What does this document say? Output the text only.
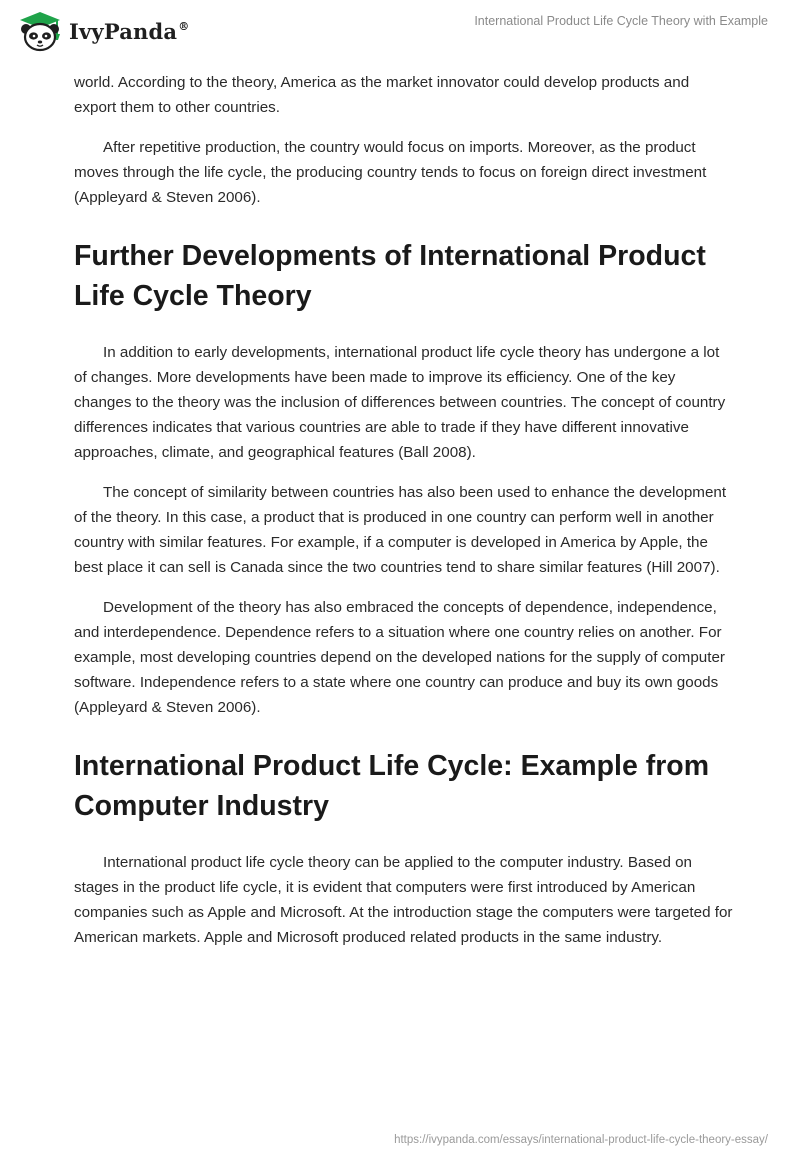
IvyPanda®	International Product Life Cycle Theory with Example

world. According to the theory, America as the market innovator could develop products and export them to other countries.

After repetitive production, the country would focus on imports. Moreover, as the product moves through the life cycle, the producing country tends to focus on foreign direct investment (Appleyard & Steven 2006).

Further Developments of International Product Life Cycle Theory

In addition to early developments, international product life cycle theory has undergone a lot of changes. More developments have been made to improve its efficiency. One of the key changes to the theory was the inclusion of differences between countries. The concept of country differences indicates that various countries are able to trade if they have different innovative approaches, climate, and geographical features (Ball 2008).

The concept of similarity between countries has also been used to enhance the development of the theory. In this case, a product that is produced in one country can perform well in another country with similar features. For example, if a computer is developed in America by Apple, the best place it can sell is Canada since the two countries tend to share similar features (Hill 2007).

Development of the theory has also embraced the concepts of dependence, independence, and interdependence. Dependence refers to a situation where one country relies on another. For example, most developing countries depend on the developed nations for the supply of computer software. Independence refers to a state where one country can produce and buy its own goods (Appleyard & Steven 2006).

International Product Life Cycle: Example from Computer Industry

International product life cycle theory can be applied to the computer industry. Based on stages in the product life cycle, it is evident that computers were first introduced by American companies such as Apple and Microsoft. At the introduction stage the computers were targeted for American markets. Apple and Microsoft produced related products in the same industry.

https://ivypanda.com/essays/international-product-life-cycle-theory-essay/
